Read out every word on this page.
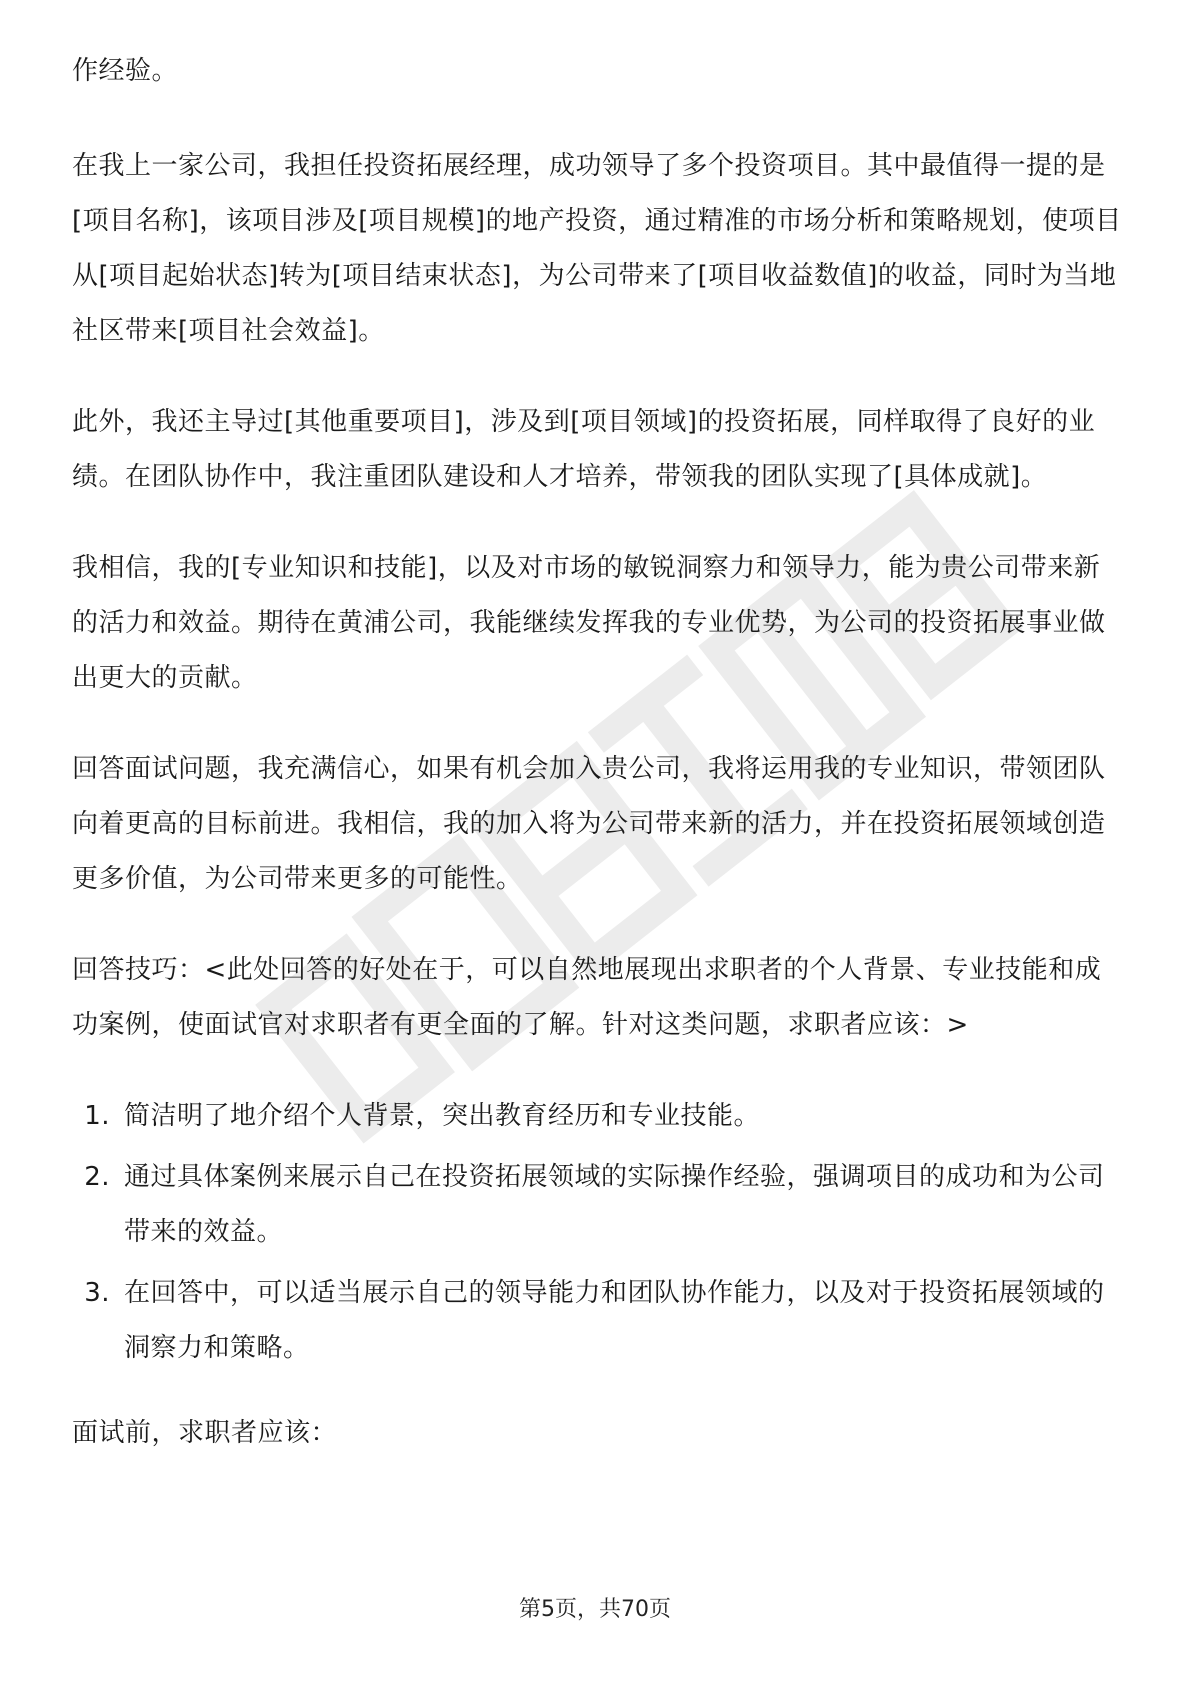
作经验。

在我上一家公司，我担任投资拓展经理，成功领导了多个投资项目。其中最值得一提的是[项目名称]，该项目涉及[项目规模]的地产投资，通过精准的市场分析和策略规划，使项目从[项目起始状态]转为[项目结束状态]，为公司带来了[项目收益数值]的收益，同时为当地社区带来[项目社会效益]。

此外，我还主导过[其他重要项目]，涉及到[项目领域]的投资拓展，同样取得了良好的业绩。在团队协作中，我注重团队建设和人才培养，带领我的团队实现了[具体成就]。

我相信，我的[专业知识和技能]，以及对市场的敏锐洞察力和领导力，能为贵公司带来新的活力和效益。期待在黄浦公司，我能继续发挥我的专业优势，为公司的投资拓展事业做出更大的贡献。

回答面试问题，我充满信心，如果有机会加入贵公司，我将运用我的专业知识，带领团队向着更高的目标前进。我相信，我的加入将为公司带来新的活力，并在投资拓展领域创造更多价值，为公司带来更多的可能性。

回答技巧：<此处回答的好处在于，可以自然地展现出求职者的个人背景、专业技能和成功案例，使面试官对求职者有更全面的了解。针对这类问题，求职者应该：>

1. 简洁明了地介绍个人背景，突出教育经历和专业技能。
2. 通过具体案例来展示自己在投资拓展领域的实际操作经验，强调项目的成功和为公司带来的效益。
3. 在回答中，可以适当展示自己的领导能力和团队协作能力，以及对于投资拓展领域的洞察力和策略。

面试前，求职者应该：

第5页，共70页
